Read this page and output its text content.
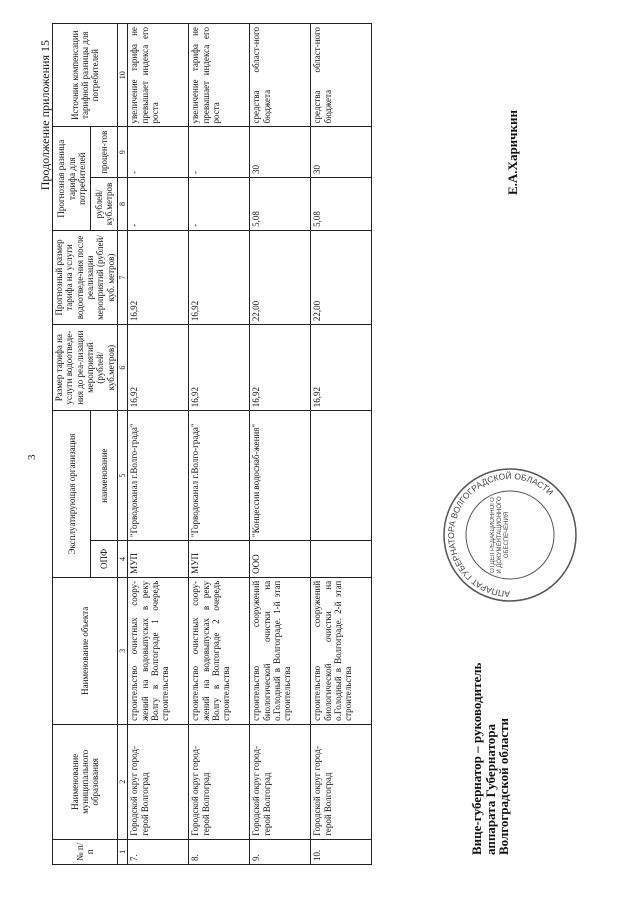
3
Продолжение приложения 15
№ п/п	Наименование муниципального образования	Наименование объекта	Эксплуатирующая организация		Размер тарифа на услуги водоотведе-ния до реа-лизации мероприятий (рублей/ куб.метров)	Прогнозный размер тарифа на услуги водоотведе-ния после реализации мероприятий (рублей/куб. метров)	Прогнозная разница тарифа для потребителей		Источник компенсации тарифной разницы для потребителей
			ОПФ	наименование			рублей/ куб.метров	процен-тов	
1	2	3	4	5	6	7	8	9	10
7.	Городской округ город-герой Волгоград	строительство очистных соору-жений на водовыпусках в реку Волгу в Волгограде 1 очередь строительства	МУП	"Горводоканал г.Волго-града"	16,92	16,92	-	-	увеличение тарифа не превышает индекса его роста
8.	Городской округ город-герой Волгоград	строительство очистных соору-жений на водовыпусках в реку Волгу в Волгограде 2 очередь строительства	МУП	"Горводоканал г.Волго-града"	16,92	16,92	-	-	увеличение тарифа не превышает индекса его роста
9.	Городской округ город-герой Волгоград	строительство сооружений биологической очистки на о.Голодный в Волгограде. 1-й этап строительства	ООО	"Концессии водоснаб-жения"	16,92	22,00	5,08	30	средства област-ного бюджета
10.	Городской округ город-герой Волгоград	строительство сооружений биологической очистки на о.Голодный в Волгограде. 2-й этап строительства			16,92	22,00	5,08	30	средства област-ного бюджета
Вице-губернатор – руководитель
аппарата Губернатора
Волгоградской области
Е.А.Харичкин
АППАРАТ ГУБЕРНАТОРА ВОЛГОГРАДСКОЙ ОБЛАСТИ
ОТДЕЛ РЕДАКЦИОННОГО И ДОКУМЕНТАЦИОННОГО ОБЕСПЕЧЕНИЯ
